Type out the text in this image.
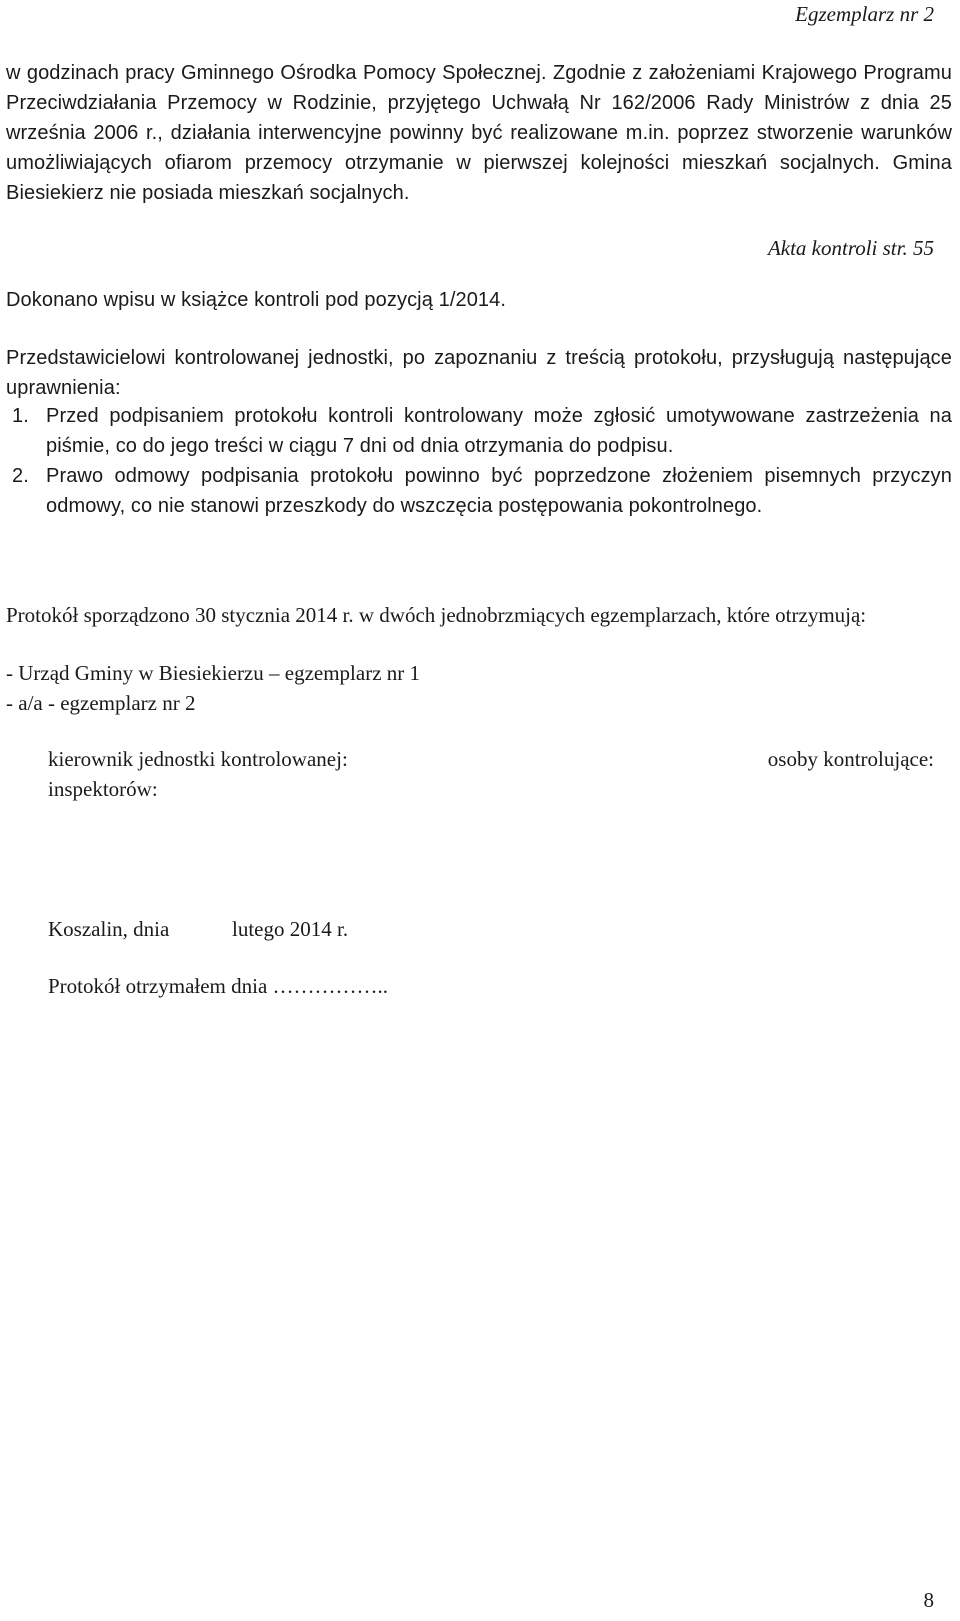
Egzemplarz nr 2

w godzinach pracy Gminnego Ośrodka Pomocy Społecznej. Zgodnie z założeniami Krajowego Programu Przeciwdziałania Przemocy w Rodzinie, przyjętego Uchwałą Nr 162/2006 Rady Ministrów z dnia 25 września 2006 r., działania interwencyjne powinny być realizowane m.in. poprzez stworzenie warunków umożliwiających ofiarom przemocy otrzymanie w pierwszej kolejności mieszkań socjalnych. Gmina Biesiekierz nie posiada mieszkań socjalnych.

Akta kontroli str. 55

Dokonano wpisu w książce kontroli pod pozycją 1/2014.

Przedstawicielowi kontrolowanej jednostki, po zapoznaniu z treścią protokołu, przysługują następujące uprawnienia:

1. Przed podpisaniem protokołu kontroli kontrolowany może zgłosić umotywowane zastrzeżenia na piśmie, co do jego treści w ciągu 7 dni od dnia otrzymania do podpisu.
2. Prawo odmowy podpisania protokołu powinno być poprzedzone złożeniem pisemnych przyczyn odmowy, co nie stanowi przeszkody do wszczęcia postępowania pokontrolnego.

Protokół sporządzono 30 stycznia 2014 r. w dwóch jednobrzmiących egzemplarzach, które otrzymują:

- Urząd Gminy w Biesiekierzu – egzemplarz nr 1
- a/a - egzemplarz nr 2
kierownik jednostki kontrolowanej:
inspektorów:
osoby kontrolujące:
Koszalin, dnia	lutego 2014 r.
Protokół otrzymałem dnia ……………..
8
